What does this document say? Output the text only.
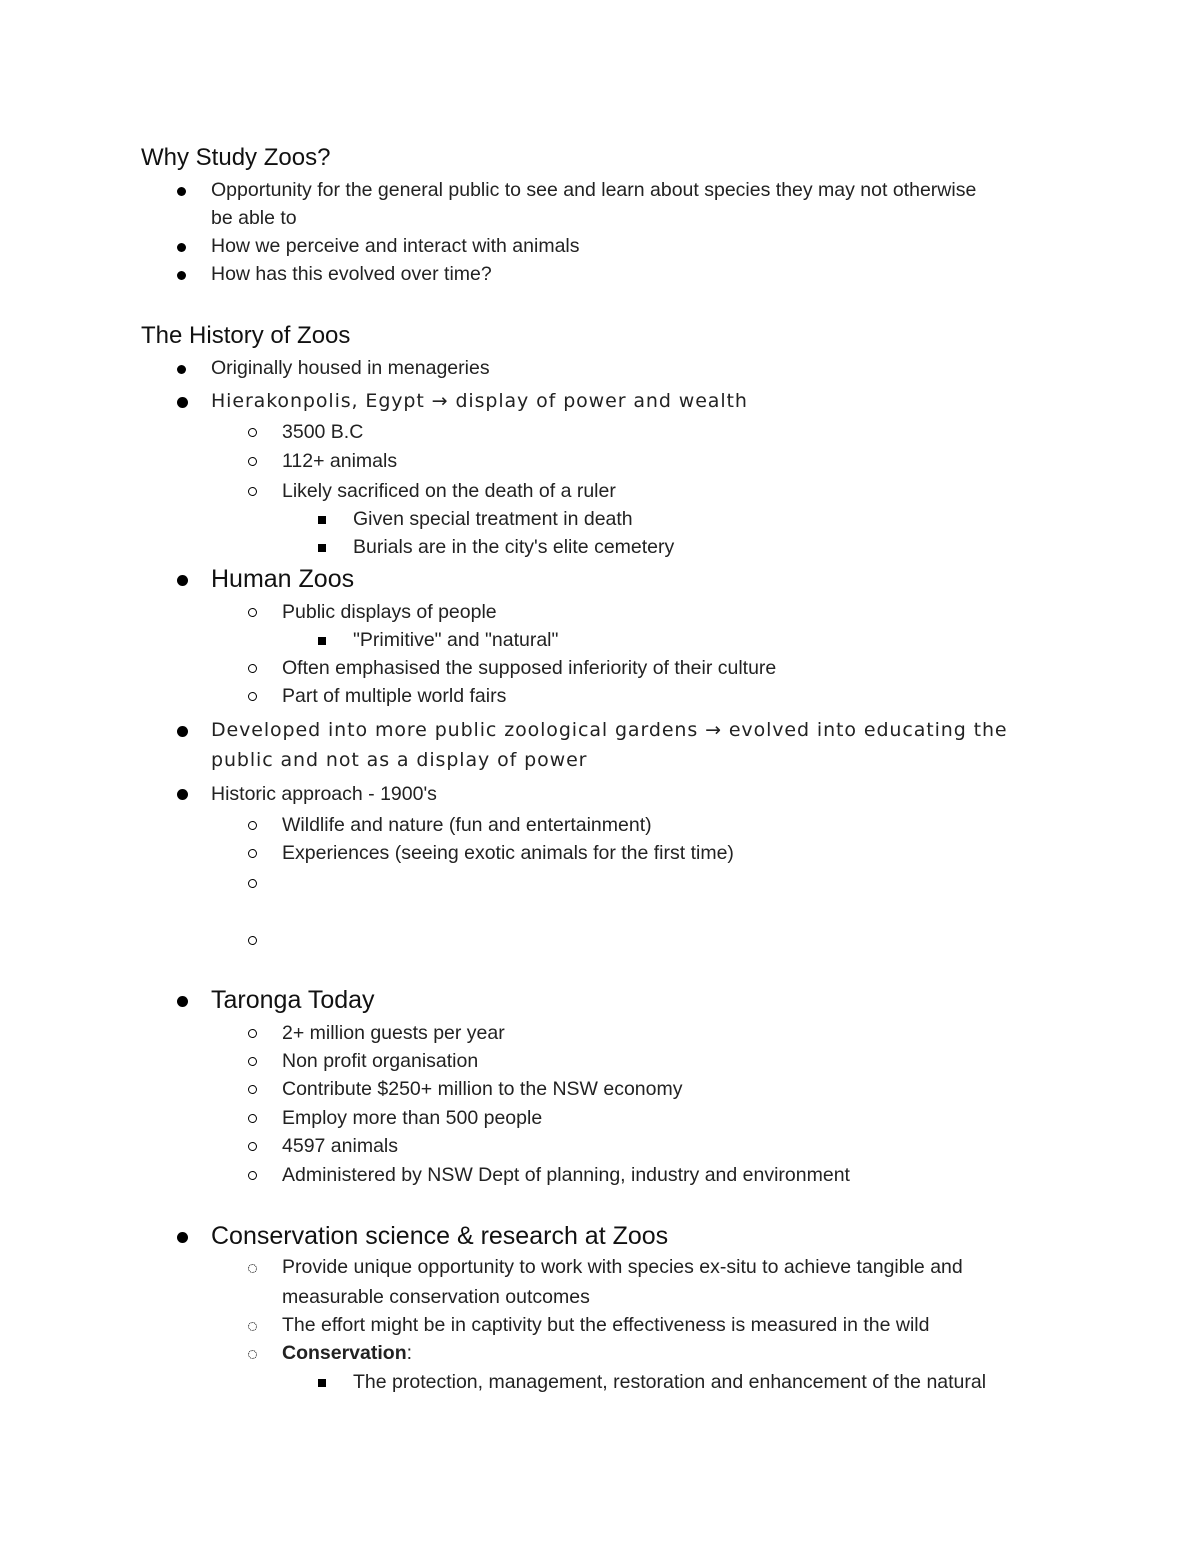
Why Study Zoos?
Opportunity for the general public to see and learn about species they may not otherwise
be able to
How we perceive and interact with animals
How has this evolved over time?
The History of Zoos
Originally housed in menageries
Hierakonpolis, Egypt → display of power and wealth
3500 B.C
112+ animals
Likely sacrificed on the death of a ruler
Given special treatment in death
Burials are in the city's elite cemetery
Human Zoos
Public displays of people
"Primitive" and "natural"
Often emphasised the supposed inferiority of their culture
Part of multiple world fairs
Developed into more public zoological gardens → evolved into educating the
public and not as a display of power
Historic approach - 1900's
Wildlife and nature (fun and entertainment)
Experiences (seeing exotic animals for the first time)
Taronga Today
2+ million guests per year
Non profit organisation
Contribute $250+ million to the NSW economy
Employ more than 500 people
4597 animals
Administered by NSW Dept of planning, industry and environment
Conservation science & research at Zoos
Provide unique opportunity to work with species ex-situ to achieve tangible and
measurable conservation outcomes
The effort might be in captivity but the effectiveness is measured in the wild
Conservation:
The protection, management, restoration and enhancement of the natural
